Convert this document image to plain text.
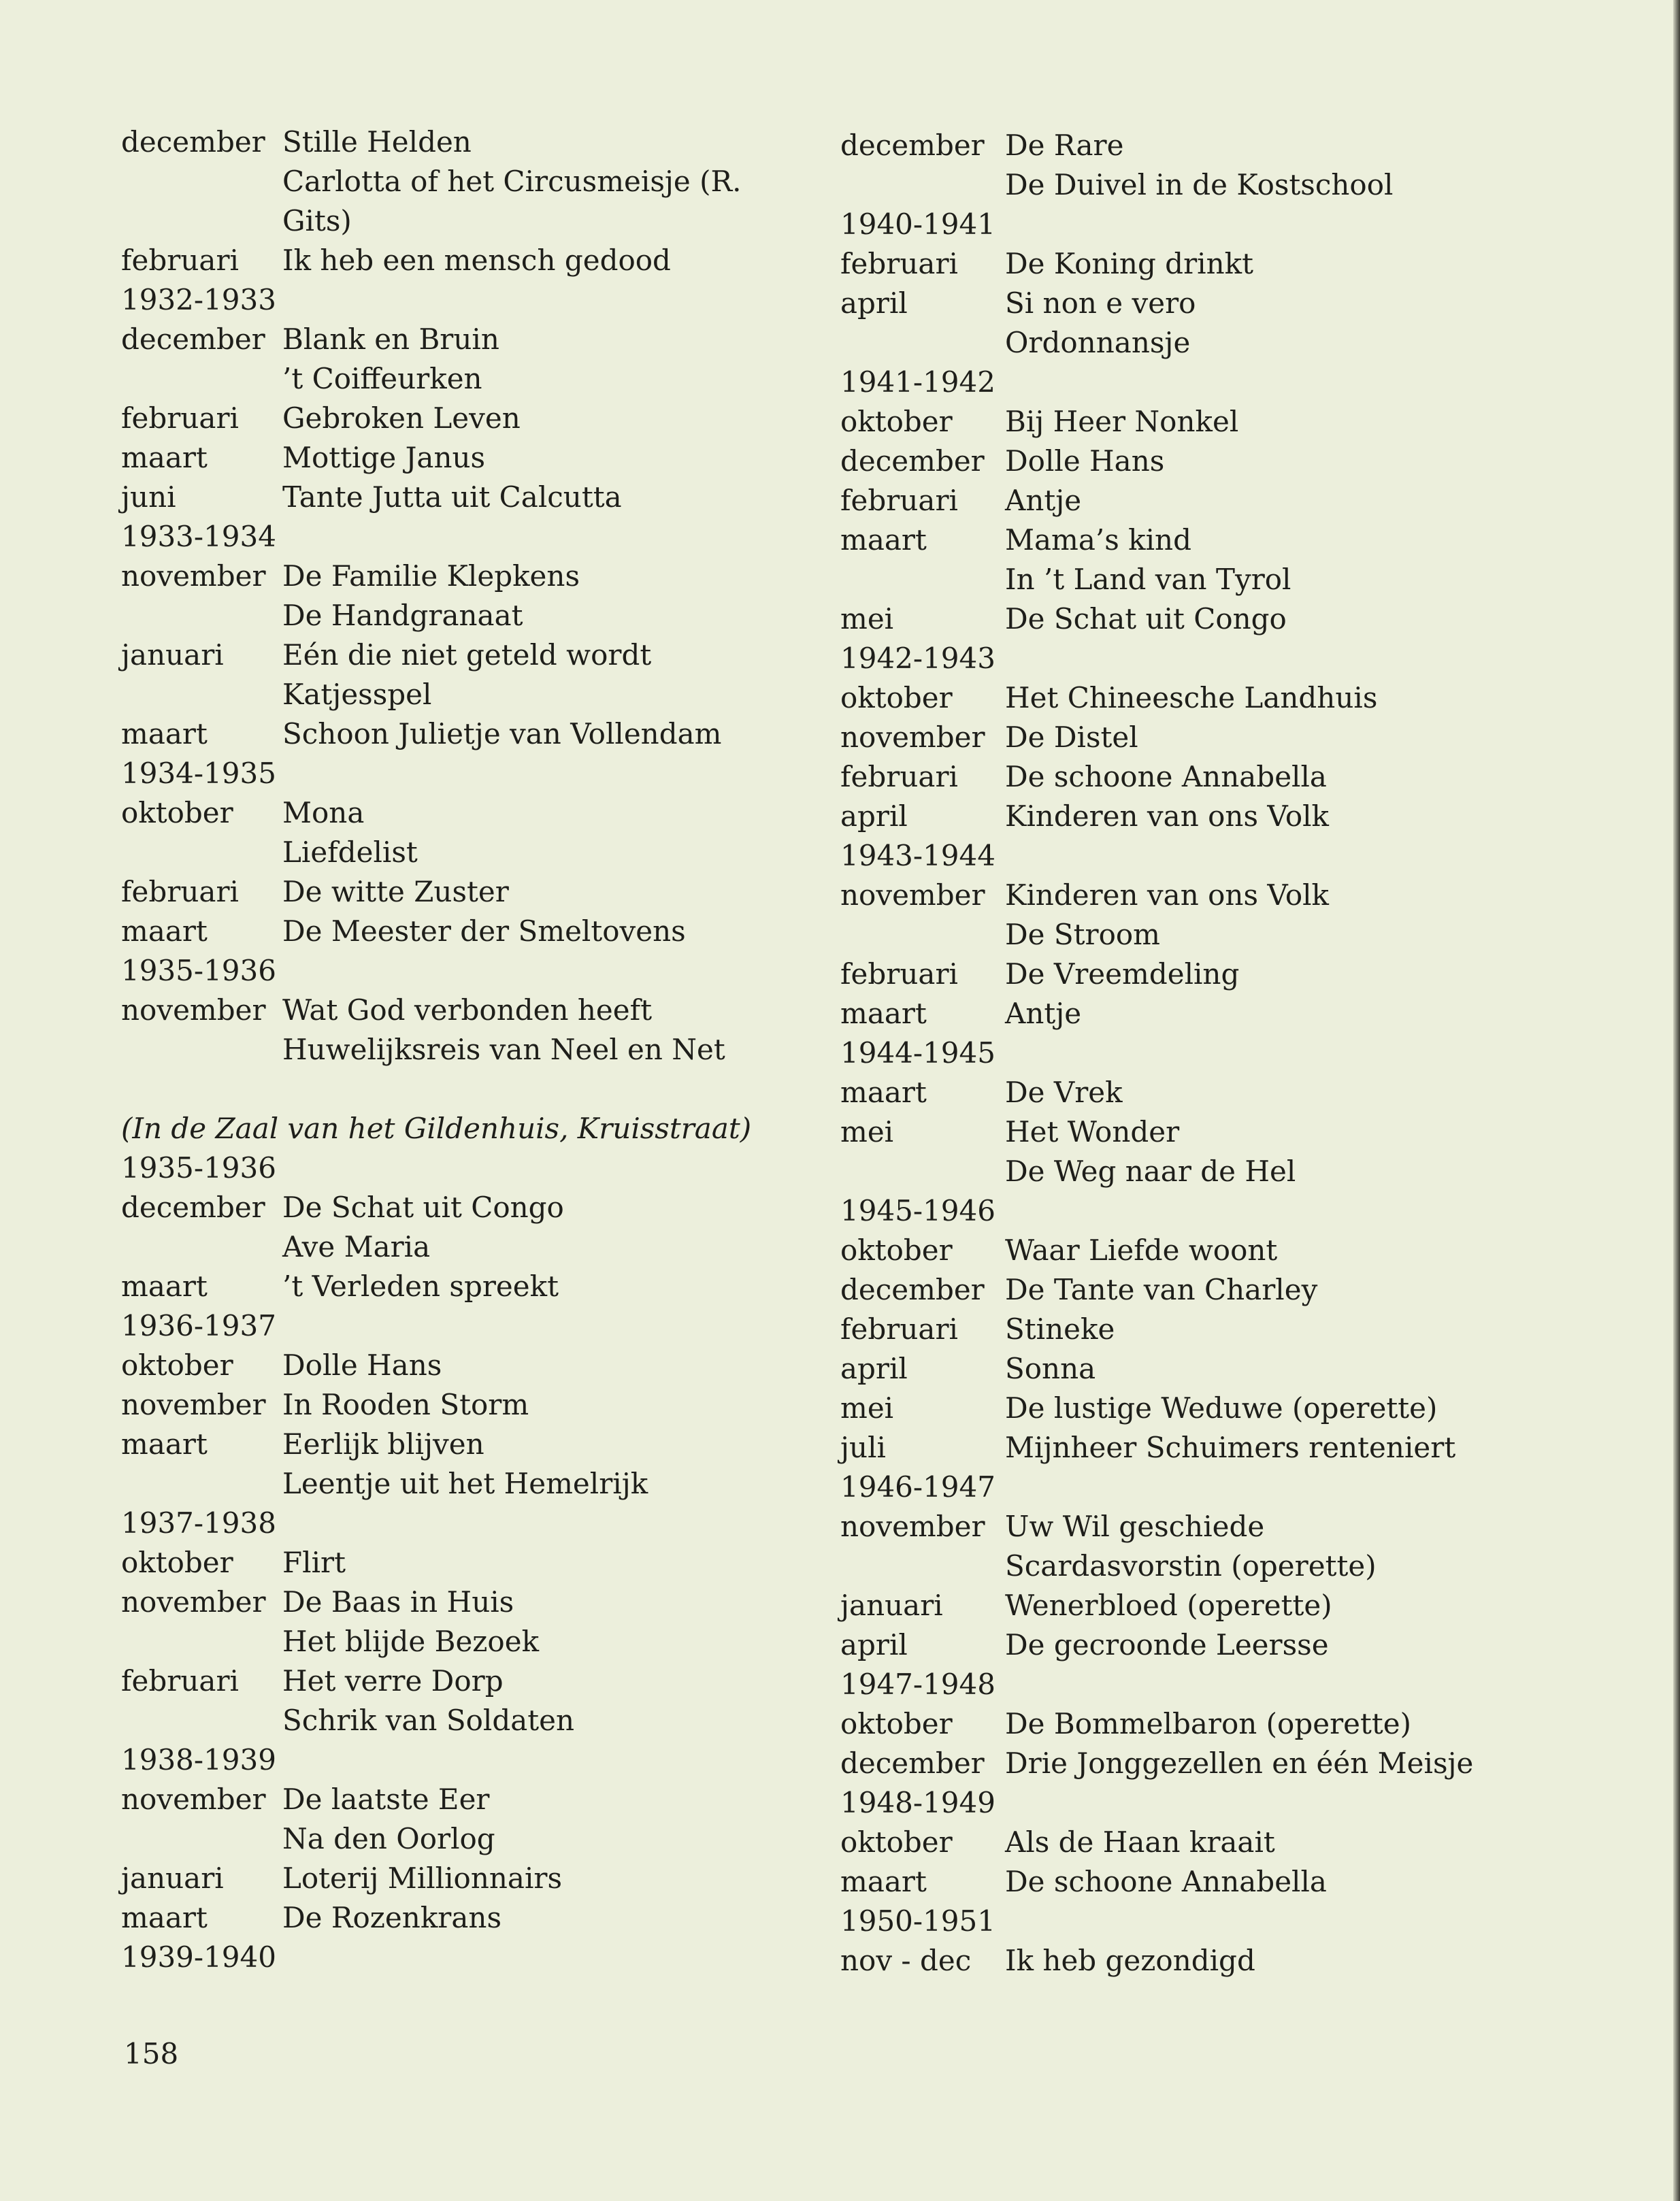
december Stille Helden
Carlotta of het Circusmeisje (R.
Gits)
februari	Ik heb een mensch gedood
1932-1933
december Blank en Bruin
’t Coiffeurken
februari	Gebroken Leven
maart	Mottige Janus
juni	Tante Jutta uit Calcutta
1933-1934
november De Familie Klepkens
De Handgranaat
januari	Eén die niet geteld wordt
Katjesspel
maart	Schoon Julietje van Vollendam
1934-1935
oktober	Mona
Liefdelist
februari	De witte Zuster
maart	De Meester der Smeltovens
1935-1936
november Wat God verbonden heeft
Huwelijksreis van Neel en Net
(In de Zaal van het Gildenhuis, Kruisstraat)
1935-1936
december De Schat uit Congo
Ave Maria
maart	’t Verleden spreekt
1936-1937
oktober	Dolle Hans
november In Rooden Storm
maart	Eerlijk blijven
Leentje uit het Hemelrijk
1937-1938
oktober	Flirt
november De Baas in Huis
Het blijde Bezoek
februari	Het verre Dorp
Schrik van Soldaten
1938-1939
november De laatste Eer
Na den Oorlog
januari	Loterij Millionnairs
maart	De Rozenkrans
1939-1940
december De Rare
De Duivel in de Kostschool
1940-1941
februari	De Koning drinkt
april	Si non e vero
Ordonnansje
1941-1942
oktober	Bij Heer Nonkel
december Dolle Hans
februari	Antje
maart	Mama’s kind
In ’t Land van Tyrol
mei	De Schat uit Congo
1942-1943
oktober	Het Chineesche Landhuis
november De Distel
februari	De schoone Annabella
april	Kinderen van ons Volk
1943-1944
november Kinderen van ons Volk
De Stroom
februari	De Vreemdeling
maart	Antje
1944-1945
maart	De Vrek
mei	Het Wonder
De Weg naar de Hel
1945-1946
oktober	Waar Liefde woont
december De Tante van Charley
februari	Stineke
april	Sonna
mei	De lustige Weduwe (operette)
juli	Mijnheer Schuimers renteniert
1946-1947
november Uw Wil geschiede
Scardasvorstin (operette)
januari	Wenerbloed (operette)
april	De gecroonde Leersse
1947-1948
oktober	De Bommelbaron (operette)
december Drie Jonggezellen en één Meisje
1948-1949
oktober	Als de Haan kraait
maart	De schoone Annabella
1950-1951
nov - dec	Ik heb gezondigd
158
